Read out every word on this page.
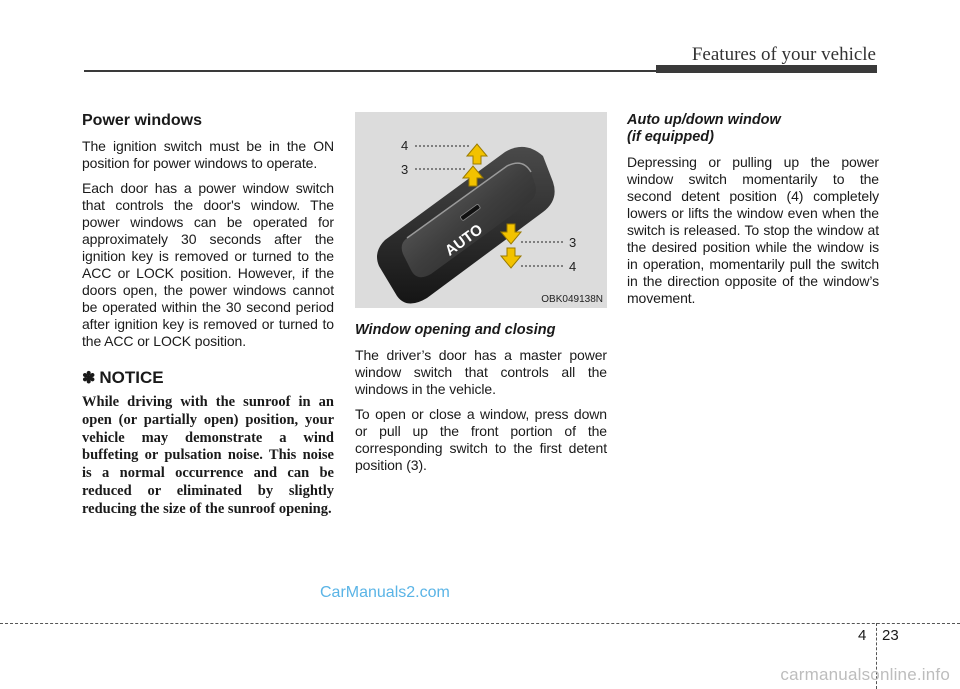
Features of your vehicle
Power windows

The ignition switch must be in the ON position for power windows to operate.

Each door has a power window switch that controls the door's window. The power windows can be operated for approximately 30 seconds after the ignition key is removed or turned to the ACC or LOCK position. However, if the doors open, the power windows cannot be operated within the 30 second period after ignition key is removed or turned to the ACC or LOCK position.

✽ NOTICE

While driving with the sunroof in an open (or partially open) position, your vehicle may demonstrate a wind buffeting or pulsation noise. This noise is a normal occurrence and can be reduced or eliminated by slightly reducing the size of the sunroof opening.

AUTO
4
3
3
4
OBK049138N
Window opening and closing

The driver’s door has a master power window switch that controls all the windows in the vehicle.

To open or close a window, press down or pull up the front portion of the corresponding switch to the first detent position (3).

Auto up/down window
(if equipped)

Depressing or pulling up the power window switch momentarily to the second detent position (4) completely lowers or lifts the window even when the switch is released. To stop the window at the desired position while the window is in operation, momentarily pull the switch in the direction opposite of the window’s movement.

CarManuals2.com
4 23
carmanualsonline.info
